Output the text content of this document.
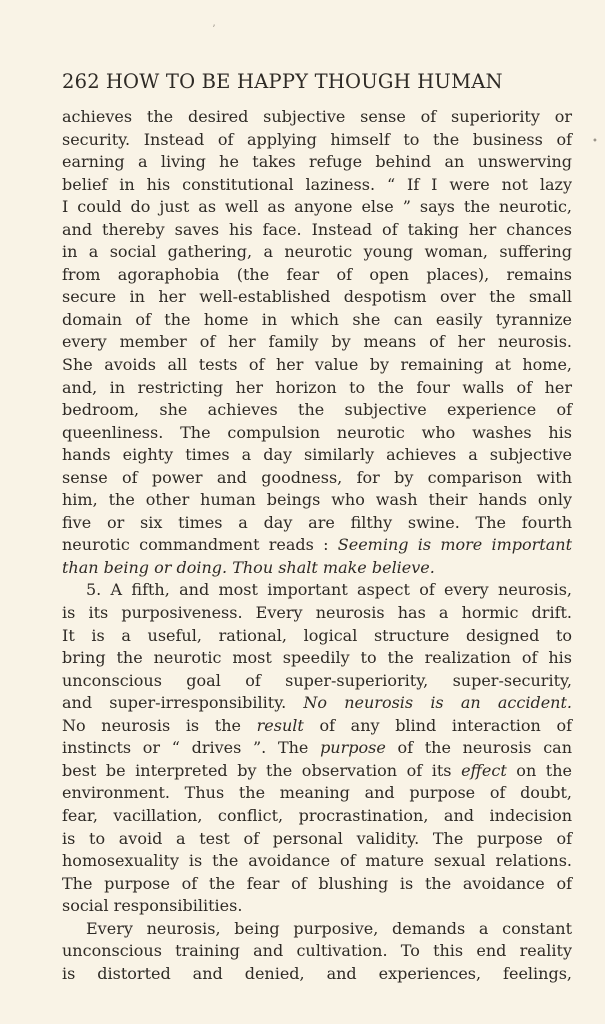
ʼ
•
262 HOW TO BE HAPPY THOUGH HUMAN
achieves the desired subjective sense of superiority or
security. Instead of applying himself to the business of
earning a living he takes refuge behind an unswerving
belief in his constitutional laziness. “ If I were not lazy
I could do just as well as anyone else ” says the neurotic,
and thereby saves his face. Instead of taking her chances
in a social gathering, a neurotic young woman, suffering
from agoraphobia (the fear of open places), remains
secure in her well-established despotism over the small
domain of the home in which she can easily tyrannize
every member of her family by means of her neurosis.
She avoids all tests of her value by remaining at home,
and, in restricting her horizon to the four walls of her
bedroom, she achieves the subjective experience of
queenliness. The compulsion neurotic who washes his
hands eighty times a day similarly achieves a subjective
sense of power and goodness, for by comparison with
him, the other human beings who wash their hands only
five or six times a day are filthy swine. The fourth
neurotic commandment reads : Seeming is more important
than being or doing. Thou shalt make believe.
5. A fifth, and most important aspect of every neurosis,
is its purposiveness. Every neurosis has a hormic drift.
It is a useful, rational, logical structure designed to
bring the neurotic most speedily to the realization of his
unconscious goal of super-superiority, super-security,
and super-irresponsibility. No neurosis is an accident.
No neurosis is the result of any blind interaction of
instincts or “ drives ”. The purpose of the neurosis can
best be interpreted by the observation of its effect on the
environment. Thus the meaning and purpose of doubt,
fear, vacillation, conflict, procrastination, and indecision
is to avoid a test of personal validity. The purpose of
homosexuality is the avoidance of mature sexual relations.
The purpose of the fear of blushing is the avoidance of
social responsibilities.
Every neurosis, being purposive, demands a constant
unconscious training and cultivation. To this end reality
is distorted and denied, and experiences, feelings,
